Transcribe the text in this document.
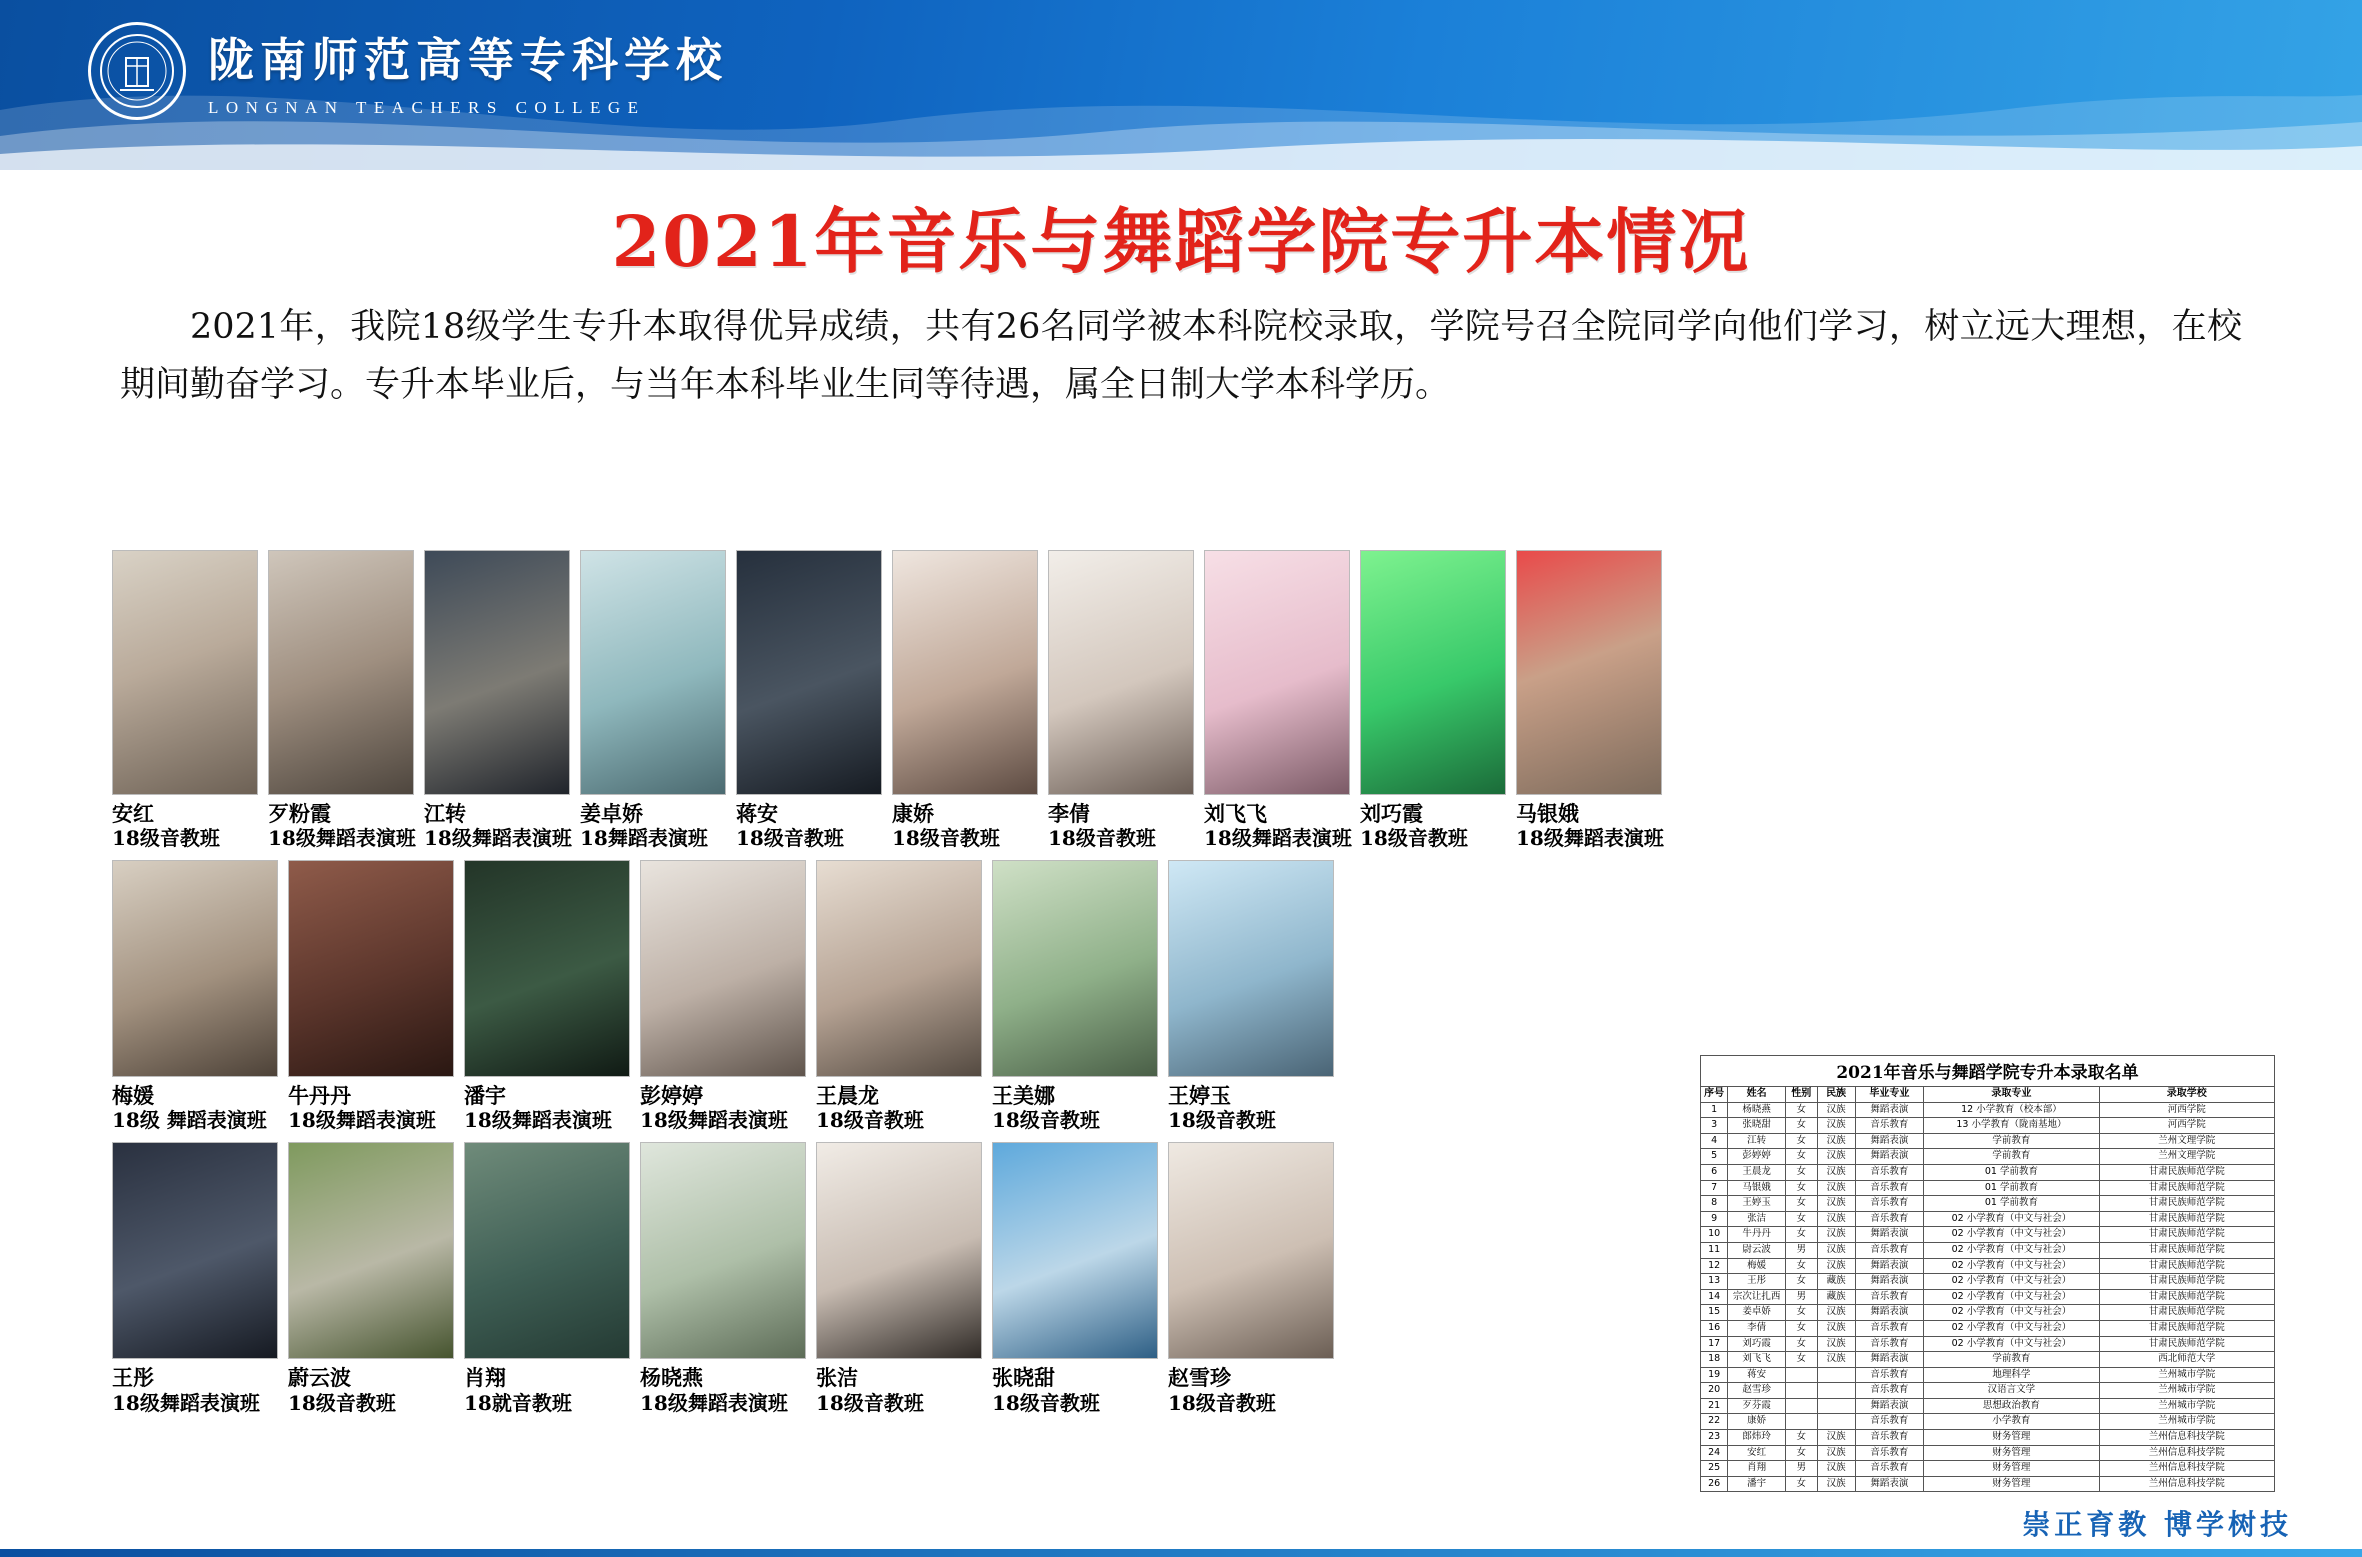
陇南师范高等专科学校
LONGNAN TEACHERS COLLEGE
2021年音乐与舞蹈学院专升本情况
2021年，我院18级学生专升本取得优异成绩，共有26名同学被本科院校录取，学院号召全院同学向他们学习，树立远大理想，在校期间勤奋学习。专升本毕业后，与当年本科毕业生同等待遇，属全日制大学本科学历。
安红
18级音教班
歹粉霞
18级舞蹈表演班
江转
18级舞蹈表演班
姜卓娇
18舞蹈表演班
蒋安
18级音教班
康娇
18级音教班
李倩
18级音教班
刘飞飞
18级舞蹈表演班
刘巧霞
18级音教班
马银娥
18级舞蹈表演班
梅媛
18级 舞蹈表演班
牛丹丹
18级舞蹈表演班
潘宇
18级舞蹈表演班
彭婷婷
18级舞蹈表演班
王晨龙
18级音教班
王美娜
18级音教班
王婷玉
18级音教班
王彤
18级舞蹈表演班
蔚云波
18级音教班
肖翔
18就音教班
杨晓燕
18级舞蹈表演班
张洁
18级音教班
张晓甜
18级音教班
赵雪珍
18级音教班
2021年音乐与舞蹈学院专升本录取名单
序号	姓名	性别	民族	毕业专业	录取专业	录取学校
1	杨晓燕	女	汉族	舞蹈表演	12 小学教育（校本部）	河西学院
3	张晓甜	女	汉族	音乐教育	13 小学教育（陇南基地）	河西学院
4	江转	女	汉族	舞蹈表演	学前教育	兰州文理学院
5	彭婷婷	女	汉族	舞蹈表演	学前教育	兰州文理学院
6	王晨龙	女	汉族	音乐教育	01 学前教育	甘肃民族师范学院
7	马银娥	女	汉族	音乐教育	01 学前教育	甘肃民族师范学院
8	王婷玉	女	汉族	音乐教育	01 学前教育	甘肃民族师范学院
9	张洁	女	汉族	音乐教育	02 小学教育（中文与社会）	甘肃民族师范学院
10	牛丹丹	女	汉族	舞蹈表演	02 小学教育（中文与社会）	甘肃民族师范学院
11	尉云波	男	汉族	音乐教育	02 小学教育（中文与社会）	甘肃民族师范学院
12	梅媛	女	汉族	舞蹈表演	02 小学教育（中文与社会）	甘肃民族师范学院
13	王彤	女	藏族	舞蹈表演	02 小学教育（中文与社会）	甘肃民族师范学院
14	宗次让扎西	男	藏族	音乐教育	02 小学教育（中文与社会）	甘肃民族师范学院
15	姜卓娇	女	汉族	舞蹈表演	02 小学教育（中文与社会）	甘肃民族师范学院
16	李倩	女	汉族	音乐教育	02 小学教育（中文与社会）	甘肃民族师范学院
17	刘巧霞	女	汉族	音乐教育	02 小学教育（中文与社会）	甘肃民族师范学院
18	刘飞飞	女	汉族	舞蹈表演	学前教育	西北师范大学
19	蒋安			音乐教育	地理科学	兰州城市学院
20	赵雪珍			音乐教育	汉语言文学	兰州城市学院
21	歹芬霞			舞蹈表演	思想政治教育	兰州城市学院
22	康娇			音乐教育	小学教育	兰州城市学院
23	郎炜玲	女	汉族	音乐教育	财务管理	兰州信息科技学院
24	安红	女	汉族	音乐教育	财务管理	兰州信息科技学院
25	肖翔	男	汉族	音乐教育	财务管理	兰州信息科技学院
26	潘宇	女	汉族	舞蹈表演	财务管理	兰州信息科技学院
崇正育教 博学树技
